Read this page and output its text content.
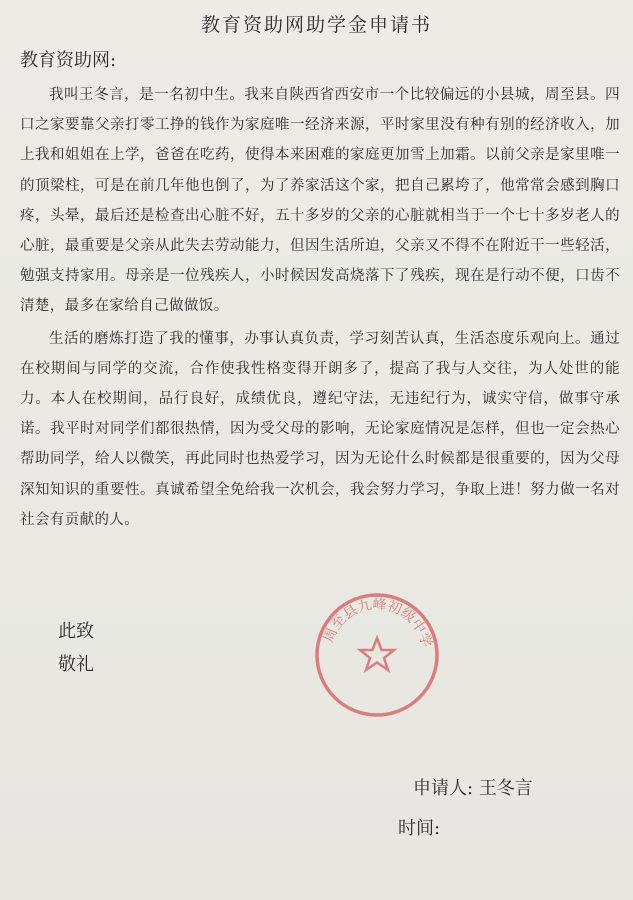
教育资助网助学金申请书
教育资助网:

我叫王冬言，是一名初中生。我来自陕西省西安市一个比较偏远的小县城，周至县。四口之家要靠父亲打零工挣的钱作为家庭唯一经济来源，平时家里没有种有别的经济收入，加上我和姐姐在上学，爸爸在吃药，使得本来困难的家庭更加雪上加霜。以前父亲是家里唯一的顶梁柱，可是在前几年他也倒了，为了养家活这个家，把自己累垮了，他常常会感到胸口疼，头晕，最后还是检查出心脏不好，五十多岁的父亲的心脏就相当于一个七十多岁老人的心脏，最重要是父亲从此失去劳动能力，但因生活所迫，父亲又不得不在附近干一些轻活，勉强支持家用。母亲是一位残疾人，小时候因发高烧落下了残疾，现在是行动不便，口齿不清楚，最多在家给自己做做饭。

生活的磨炼打造了我的懂事，办事认真负责，学习刻苦认真，生活态度乐观向上。通过在校期间与同学的交流，合作使我性格变得开朗多了，提高了我与人交往，为人处世的能力。本人在校期间，品行良好，成绩优良，遵纪守法，无违纪行为，诚实守信，做事守承诺。我平时对同学们都很热情，因为受父母的影响，无论家庭情况是怎样，但也一定会热心帮助同学，给人以微笑，再此同时也热爱学习，因为无论什么时候都是很重要的，因为父母深知知识的重要性。真诚希望全免给我一次机会，我会努力学习，争取上进！努力做一名对社会有贡献的人。

此致
敬礼
周至县九峰初级中学
申请人: 王冬言
时间:
